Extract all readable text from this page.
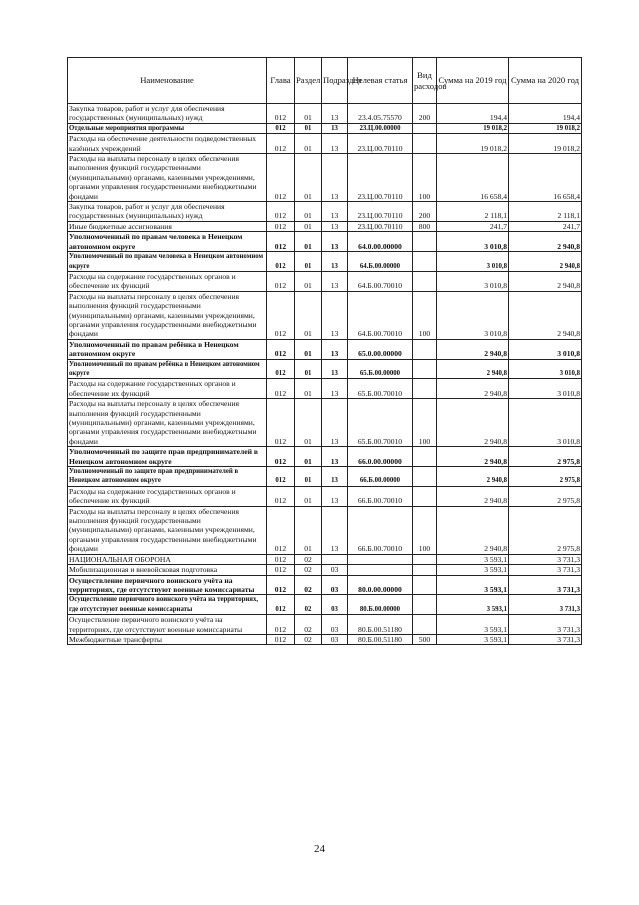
Наименование	Глава	Раздел	Подраздел	Целевая статья	Вид расходов	Сумма на 2019 год	Сумма на 2020 год
Закупка товаров, работ и услуг для обеспечения государственных (муниципальных) нужд	012	01	13	23.4.05.75570	200	194,4	194,4
Отдельные мероприятия программы	012	01	13	23.Ц.00.00000		19 018,2	19 018,2
Расходы на обеспечение деятельности подведомственных казённых учреждений	012	01	13	23.Ц.00.70110		19 018,2	19 018,2
Расходы на выплаты персоналу в целях обеспечения выполнения функций государственными (муниципальными) органами, казенными учреждениями, органами управления государственными внебюджетными фондами	012	01	13	23.Ц.00.70110	100	16 658,4	16 658,4
Закупка товаров, работ и услуг для обеспечения государственных (муниципальных) нужд	012	01	13	23.Ц.00.70110	200	2 118,1	2 118,1
Иные бюджетные ассигнования	012	01	13	23.Ц.00.70110	800	241,7	241,7
Уполномоченный по правам человека в Ненецком автономном округе	012	01	13	64.0.00.00000		3 010,8	2 940,8
Уполномоченный по правам человека в Ненецком автономном округе	012	01	13	64.Б.00.00000		3 010,8	2 940,8
Расходы на содержание государственных органов и обеспечение их функций	012	01	13	64.Б.00.70010		3 010,8	2 940,8
Расходы на выплаты персоналу в целях обеспечения выполнения функций государственными (муниципальными) органами, казенными учреждениями, органами управления государственными внебюджетными фондами	012	01	13	64.Б.00.70010	100	3 010,8	2 940,8
Уполномоченный по правам ребёнка в Ненецком автономном округе	012	01	13	65.0.00.00000		2 940,8	3 010,8
Уполномоченный по правам ребёнка в Ненецком автономном округе	012	01	13	65.Б.00.00000		2 940,8	3 010,8
Расходы на содержание государственных органов и обеспечение их функций	012	01	13	65.Б.00.70010		2 940,8	3 010,8
Расходы на выплаты персоналу в целях обеспечения выполнения функций государственными (муниципальными) органами, казенными учреждениями, органами управления государственными внебюджетными фондами	012	01	13	65.Б.00.70010	100	2 940,8	3 010,8
Уполномоченный по защите прав предпринимателей в Ненецком автономном округе	012	01	13	66.0.00.00000		2 940,8	2 975,8
Уполномоченный по защите прав предпринимателей в Ненецком автономном округе	012	01	13	66.Б.00.00000		2 940,8	2 975,8
Расходы на содержание государственных органов и обеспечение их функций	012	01	13	66.Б.00.70010		2 940,8	2 975,8
Расходы на выплаты персоналу в целях обеспечения выполнения функций государственными (муниципальными) органами, казенными учреждениями, органами управления государственными внебюджетными фондами	012	01	13	66.Б.00.70010	100	2 940,8	2 975,8
НАЦИОНАЛЬНАЯ ОБОРОНА	012	02				3 593,1	3 731,3
Мобилизационная и вневойсковая подготовка	012	02	03			3 593,1	3 731,3
Осуществление первичного воинского учёта на территориях, где отсутствуют военные комиссариаты	012	02	03	80.0.00.00000		3 593,1	3 731,3
Осуществление первичного воинского учёта на территориях, где отсутствуют военные комиссариаты	012	02	03	80.Б.00.00000		3 593,1	3 731,3
Осуществление первичного воинского учёта на территориях, где отсутствуют военные комиссариаты	012	02	03	80.Б.00.51180		3 593,1	3 731,3
Межбюджетные трансферты	012	02	03	80.Б.00.51180	500	3 593,1	3 731,3
24
